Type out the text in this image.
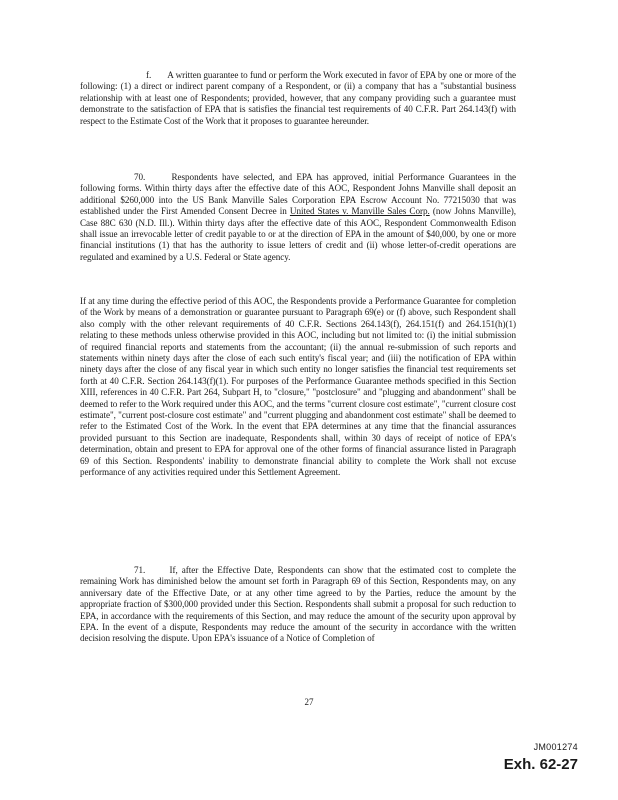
f. A written guarantee to fund or perform the Work executed in favor of EPA by one or more of the following: (1) a direct or indirect parent company of a Respondent, or (ii) a company that has a "substantial business relationship with at least one of Respondents; provided, however, that any company providing such a guarantee must demonstrate to the satisfaction of EPA that is satisfies the financial test requirements of 40 C.F.R. Part 264.143(f) with respect to the Estimate Cost of the Work that it proposes to guarantee hereunder.

70.	Respondents have selected, and EPA has approved, initial Performance Guarantees in the following forms. Within thirty days after the effective date of this AOC, Respondent Johns Manville shall deposit an additional $260,000 into the US Bank Manville Sales Corporation EPA Escrow Account No. 77215030 that was established under the First Amended Consent Decree in United States v. Manville Sales Corp. (now Johns Manville), Case 88C 630 (N.D. Ill.). Within thirty days after the effective date of this AOC, Respondent Commonwealth Edison shall issue an irrevocable letter of credit payable to or at the direction of EPA in the amount of $40,000, by one or more financial institutions (1) that has the authority to issue letters of credit and (ii) whose letter-of-credit operations are regulated and examined by a U.S. Federal or State agency.

If at any time during the effective period of this AOC, the Respondents provide a Performance Guarantee for completion of the Work by means of a demonstration or guarantee pursuant to Paragraph 69(e) or (f) above, such Respondent shall also comply with the other relevant requirements of 40 C.F.R. Sections 264.143(f), 264.151(f) and 264.151(h)(1) relating to these methods unless otherwise provided in this AOC, including but not limited to: (i) the initial submission of required financial reports and statements from the accountant; (ii) the annual re-submission of such reports and statements within ninety days after the close of each such entity's fiscal year; and (iii) the notification of EPA within ninety days after the close of any fiscal year in which such entity no longer satisfies the financial test requirements set forth at 40 C.F.R. Section 264.143(f)(1). For purposes of the Performance Guarantee methods specified in this Section XIII, references in 40 C.F.R. Part 264, Subpart H, to "closure," "postclosure" and "plugging and abandonment" shall be deemed to refer to the Work required under this AOC, and the terms "current closure cost estimate", "current closure cost estimate", "current post-closure cost estimate" and "current plugging and abandonment cost estimate" shall be deemed to refer to the Estimated Cost of the Work. In the event that EPA determines at any time that the financial assurances provided pursuant to this Section are inadequate, Respondents shall, within 30 days of receipt of notice of EPA's determination, obtain and present to EPA for approval one of the other forms of financial assurance listed in Paragraph 69 of this Section. Respondents' inability to demonstrate financial ability to complete the Work shall not excuse performance of any activities required under this Settlement Agreement.

71.	If, after the Effective Date, Respondents can show that the estimated cost to complete the remaining Work has diminished below the amount set forth in Paragraph 69 of this Section, Respondents may, on any anniversary date of the Effective Date, or at any other time agreed to by the Parties, reduce the amount by the appropriate fraction of $300,000 provided under this Section. Respondents shall submit a proposal for such reduction to EPA, in accordance with the requirements of this Section, and may reduce the amount of the security upon approval by EPA. In the event of a dispute, Respondents may reduce the amount of the security in accordance with the written decision resolving the dispute. Upon EPA's issuance of a Notice of Completion of

27
JM001274
Exh. 62-27
